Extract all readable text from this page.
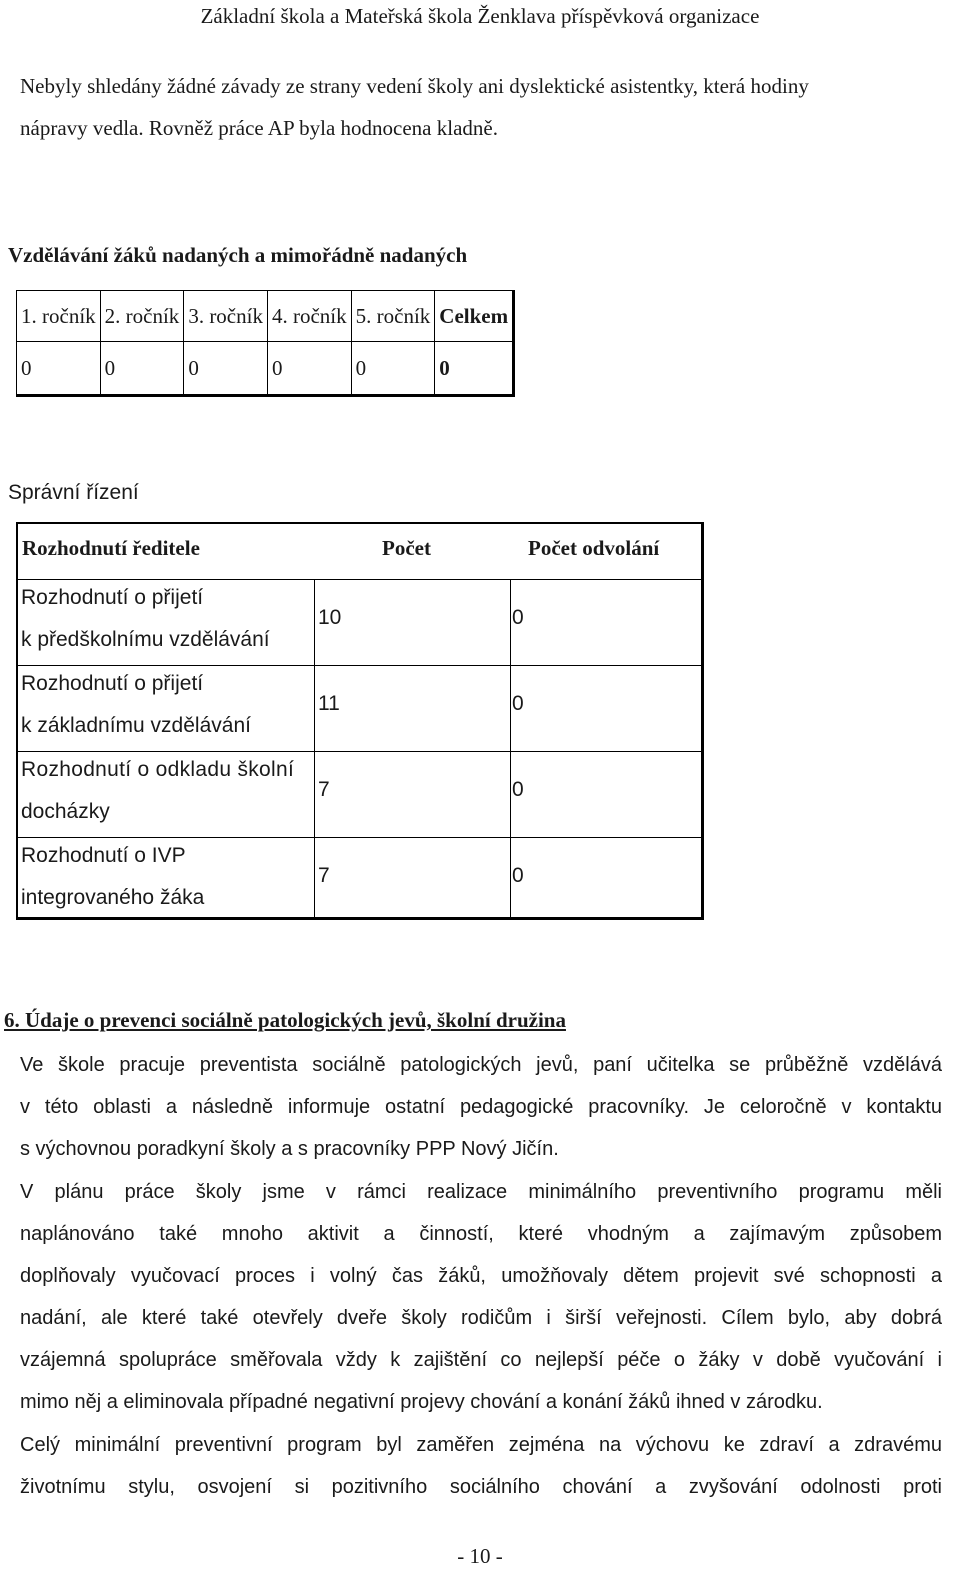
Základní škola a Mateřská škola Ženklava příspěvková organizace
Nebyly shledány žádné závady ze strany vedení školy ani dyslektické asistentky, která hodiny
nápravy vedla. Rovněž práce AP byla hodnocena kladně.
Vzdělávání žáků nadaných a mimořádně nadaných
1. ročník	2. ročník	3. ročník	4. ročník	5. ročník	Celkem
0	0	0	0	0	0
Správní řízení
Rozhodnutí ředitele	Počet	Počet odvolání
Rozhodnutí o přijetí
k předškolnímu vzdělávání
10	0
Rozhodnutí o přijetí
k základnímu vzdělávání
11	0
Rozhodnutí o odkladu školní
docházky
7	0
Rozhodnutí o IVP
integrovaného žáka
7	0
6. Údaje o prevenci sociálně patologických jevů, školní družina
Ve škole pracuje preventista sociálně patologických jevů, paní učitelka se průběžně vzdělává
v této oblasti a následně informuje ostatní pedagogické pracovníky. Je celoročně v kontaktu
s výchovnou poradkyní školy a s pracovníky PPP Nový Jičín.
V plánu práce školy jsme v rámci realizace minimálního preventivního programu měli
naplánováno také mnoho aktivit a činností, které vhodným a zajímavým způsobem
doplňovaly vyučovací proces i volný čas žáků, umožňovaly dětem projevit své schopnosti a
nadání, ale které také otevřely dveře školy rodičům i širší veřejnosti. Cílem bylo, aby dobrá
vzájemná spolupráce směřovala vždy k zajištění co nejlepší péče o žáky v době vyučování i
mimo něj a eliminovala případné negativní projevy chování a konání žáků ihned v zárodku.
Celý minimální preventivní program byl zaměřen zejména na výchovu ke zdraví a zdravému
životnímu stylu, osvojení si pozitivního sociálního chování a zvyšování odolnosti proti
- 10 -
